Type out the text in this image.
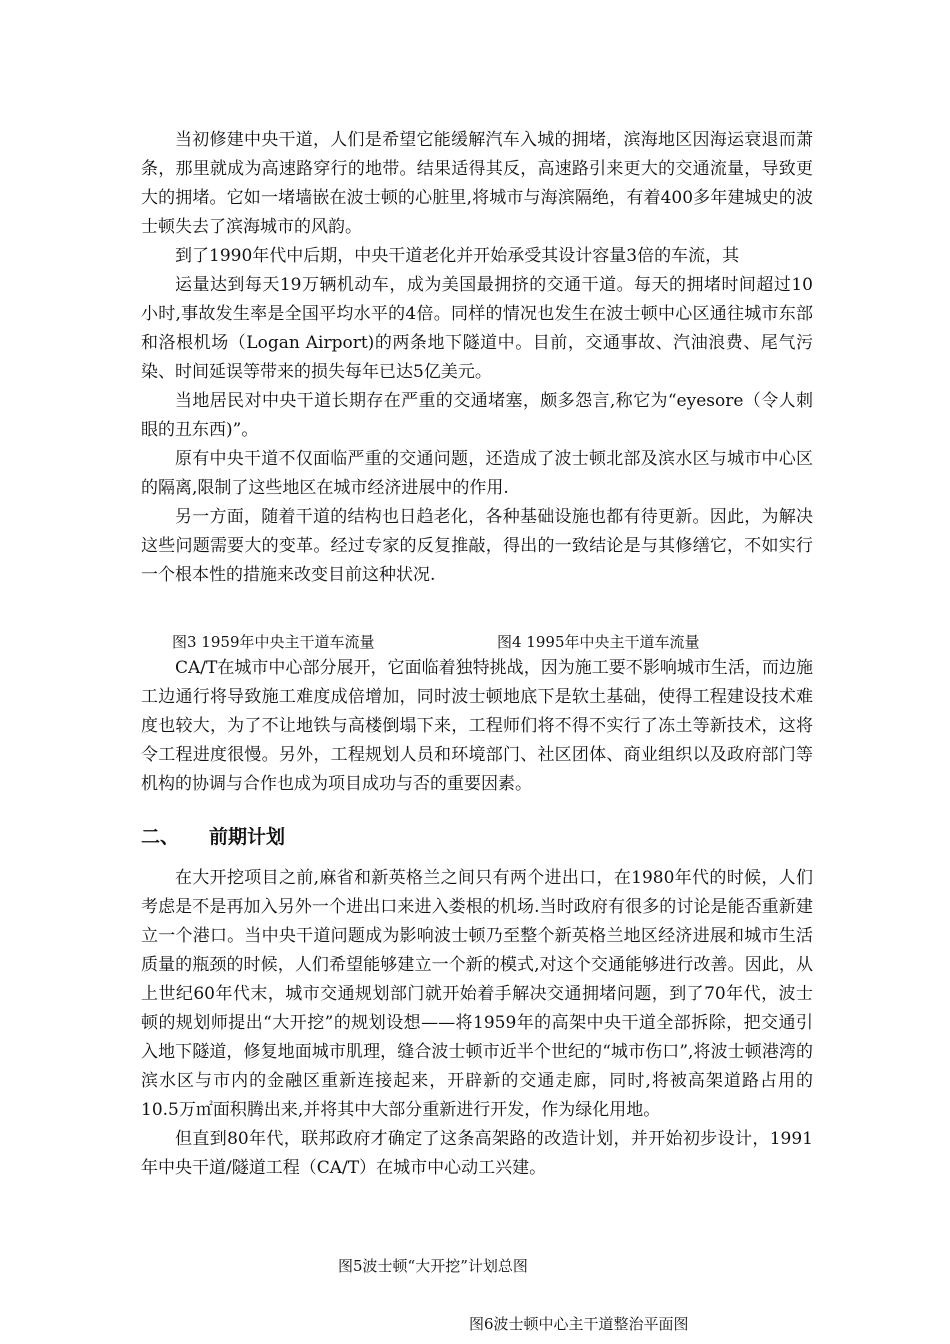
当初修建中央干道，人们是希望它能缓解汽车入城的拥堵，滨海地区因海运衰退而萧条，那里就成为高速路穿行的地带。结果适得其反，高速路引来更大的交通流量，导致更大的拥堵。它如一堵墙嵌在波士顿的心脏里,将城市与海滨隔绝，有着400多年建城史的波士顿失去了滨海城市的风韵。

到了1990年代中后期，中央干道老化并开始承受其设计容量3倍的车流，其

运量达到每天19万辆机动车，成为美国最拥挤的交通干道。每天的拥堵时间超过10小时,事故发生率是全国平均水平的4倍。同样的情况也发生在波士顿中心区通往城市东部和洛根机场（Logan Airport)的两条地下隧道中。目前，交通事故、汽油浪费、尾气污染、时间延误等带来的损失每年已达5亿美元。

当地居民对中央干道长期存在严重的交通堵塞，颇多怨言,称它为“eyesore（令人刺眼的丑东西)”。

原有中央干道不仅面临严重的交通问题，还造成了波士顿北部及滨水区与城市中心区的隔离,限制了这些地区在城市经济进展中的作用.

另一方面，随着干道的结构也日趋老化，各种基础设施也都有待更新。因此，为解决这些问题需要大的变革。经过专家的反复推敲，得出的一致结论是与其修缮它，不如实行一个根本性的措施来改变目前这种状况.

图3 1959年中央主干道车流量	图4 1995年中央主干道车流量

CA/T在城市中心部分展开，它面临着独特挑战，因为施工要不影响城市生活，而边施工边通行将导致施工难度成倍增加，同时波士顿地底下是软土基础，使得工程建设技术难度也较大，为了不让地铁与高楼倒塌下来，工程师们将不得不实行了冻土等新技术，这将令工程进度很慢。另外，工程规划人员和环境部门、社区团体、商业组织以及政府部门等机构的协调与合作也成为项目成功与否的重要因素。

二、 前期计划

在大开挖项目之前,麻省和新英格兰之间只有两个进出口，在1980年代的时候，人们考虑是不是再加入另外一个进出口来进入娄根的机场.当时政府有很多的讨论是能否重新建立一个港口。当中央干道问题成为影响波士顿乃至整个新英格兰地区经济进展和城市生活质量的瓶颈的时候，人们希望能够建立一个新的模式,对这个交通能够进行改善。因此，从上世纪60年代末，城市交通规划部门就开始着手解决交通拥堵问题，到了70年代，波士顿的规划师提出“大开挖”的规划设想——将1959年的高架中央干道全部拆除，把交通引入地下隧道，修复地面城市肌理，缝合波士顿市近半个世纪的“城市伤口”,将波士顿港湾的滨水区与市内的金融区重新连接起来，开辟新的交通走廊，同时,将被高架道路占用的10.5万㎡面积腾出来,并将其中大部分重新进行开发，作为绿化用地。

但直到80年代，联邦政府才确定了这条高架路的改造计划，并开始初步设计，1991年中央干道/隧道工程（CA/T）在城市中心动工兴建。

图5波士顿“大开挖”计划总图
图6波士顿中心主干道整治平面图
